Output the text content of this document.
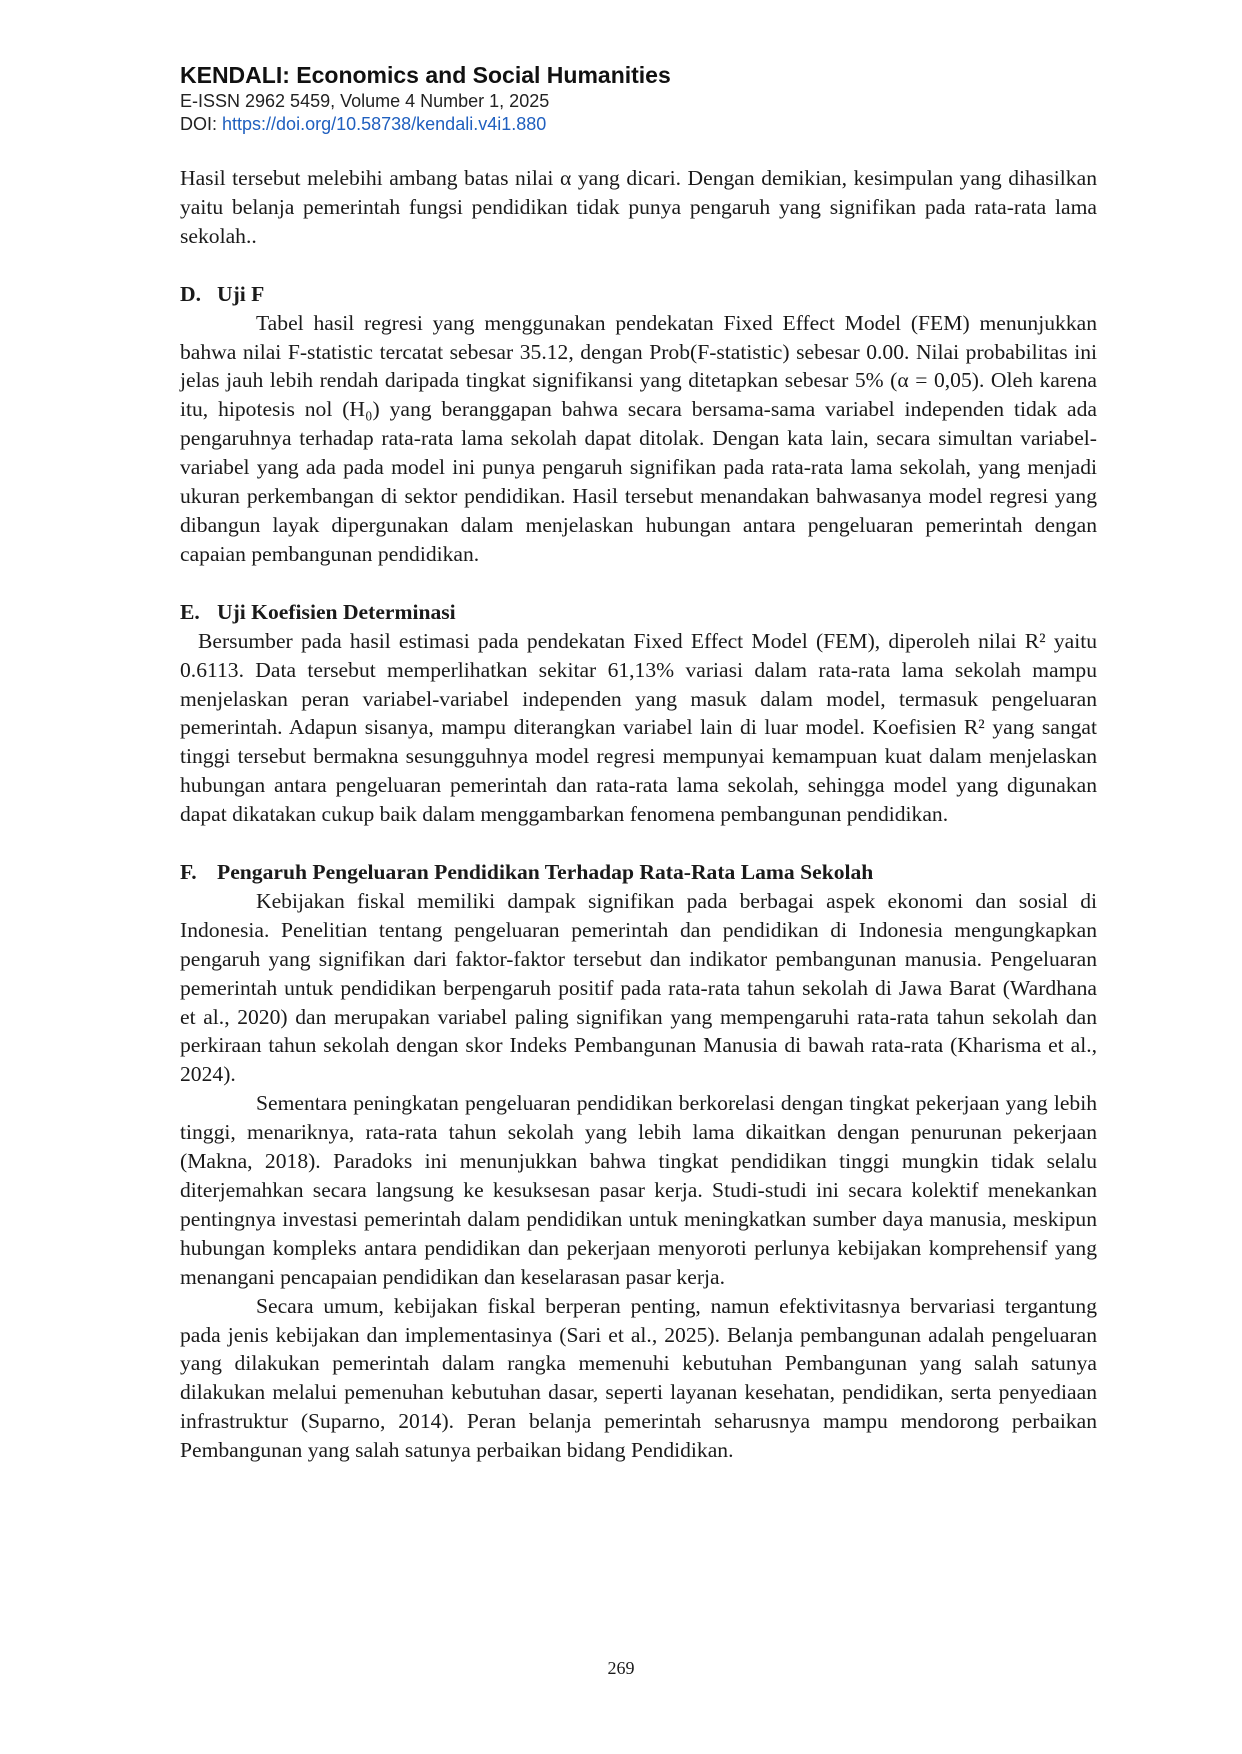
KENDALI: Economics and Social Humanities
E-ISSN 2962 5459, Volume 4 Number 1, 2025
DOI: https://doi.org/10.58738/kendali.v4i1.880

Hasil tersebut melebihi ambang batas nilai α yang dicari. Dengan demikian, kesimpulan yang dihasilkan yaitu belanja pemerintah fungsi pendidikan tidak punya pengaruh yang signifikan pada rata-rata lama sekolah..

D. Uji F

Tabel hasil regresi yang menggunakan pendekatan Fixed Effect Model (FEM) menunjukkan bahwa nilai F-statistic tercatat sebesar 35.12, dengan Prob(F-statistic) sebesar 0.00. Nilai probabilitas ini jelas jauh lebih rendah daripada tingkat signifikansi yang ditetapkan sebesar 5% (α = 0,05). Oleh karena itu, hipotesis nol (H₀) yang beranggapan bahwa secara bersama-sama variabel independen tidak ada pengaruhnya terhadap rata-rata lama sekolah dapat ditolak. Dengan kata lain, secara simultan variabel-variabel yang ada pada model ini punya pengaruh signifikan pada rata-rata lama sekolah, yang menjadi ukuran perkembangan di sektor pendidikan. Hasil tersebut menandakan bahwasanya model regresi yang dibangun layak dipergunakan dalam menjelaskan hubungan antara pengeluaran pemerintah dengan capaian pembangunan pendidikan.

E. Uji Koefisien Determinasi

Bersumber pada hasil estimasi pada pendekatan Fixed Effect Model (FEM), diperoleh nilai R² yaitu 0.6113. Data tersebut memperlihatkan sekitar 61,13% variasi dalam rata-rata lama sekolah mampu menjelaskan peran variabel-variabel independen yang masuk dalam model, termasuk pengeluaran pemerintah. Adapun sisanya, mampu diterangkan variabel lain di luar model. Koefisien R² yang sangat tinggi tersebut bermakna sesungguhnya model regresi mempunyai kemampuan kuat dalam menjelaskan hubungan antara pengeluaran pemerintah dan rata-rata lama sekolah, sehingga model yang digunakan dapat dikatakan cukup baik dalam menggambarkan fenomena pembangunan pendidikan.

F. Pengaruh Pengeluaran Pendidikan Terhadap Rata-Rata Lama Sekolah

Kebijakan fiskal memiliki dampak signifikan pada berbagai aspek ekonomi dan sosial di Indonesia. Penelitian tentang pengeluaran pemerintah dan pendidikan di Indonesia mengungkapkan pengaruh yang signifikan dari faktor-faktor tersebut dan indikator pembangunan manusia. Pengeluaran pemerintah untuk pendidikan berpengaruh positif pada rata-rata tahun sekolah di Jawa Barat (Wardhana et al., 2020) dan merupakan variabel paling signifikan yang mempengaruhi rata-rata tahun sekolah dan perkiraan tahun sekolah dengan skor Indeks Pembangunan Manusia di bawah rata-rata (Kharisma et al., 2024).

Sementara peningkatan pengeluaran pendidikan berkorelasi dengan tingkat pekerjaan yang lebih tinggi, menariknya, rata-rata tahun sekolah yang lebih lama dikaitkan dengan penurunan pekerjaan (Makna, 2018). Paradoks ini menunjukkan bahwa tingkat pendidikan tinggi mungkin tidak selalu diterjemahkan secara langsung ke kesuksesan pasar kerja. Studi-studi ini secara kolektif menekankan pentingnya investasi pemerintah dalam pendidikan untuk meningkatkan sumber daya manusia, meskipun hubungan kompleks antara pendidikan dan pekerjaan menyoroti perlunya kebijakan komprehensif yang menangani pencapaian pendidikan dan keselarasan pasar kerja.

Secara umum, kebijakan fiskal berperan penting, namun efektivitasnya bervariasi tergantung pada jenis kebijakan dan implementasinya (Sari et al., 2025). Belanja pembangunan adalah pengeluaran yang dilakukan pemerintah dalam rangka memenuhi kebutuhan Pembangunan yang salah satunya dilakukan melalui pemenuhan kebutuhan dasar, seperti layanan kesehatan, pendidikan, serta penyediaan infrastruktur (Suparno, 2014). Peran belanja pemerintah seharusnya mampu mendorong perbaikan Pembangunan yang salah satunya perbaikan bidang Pendidikan.

269
